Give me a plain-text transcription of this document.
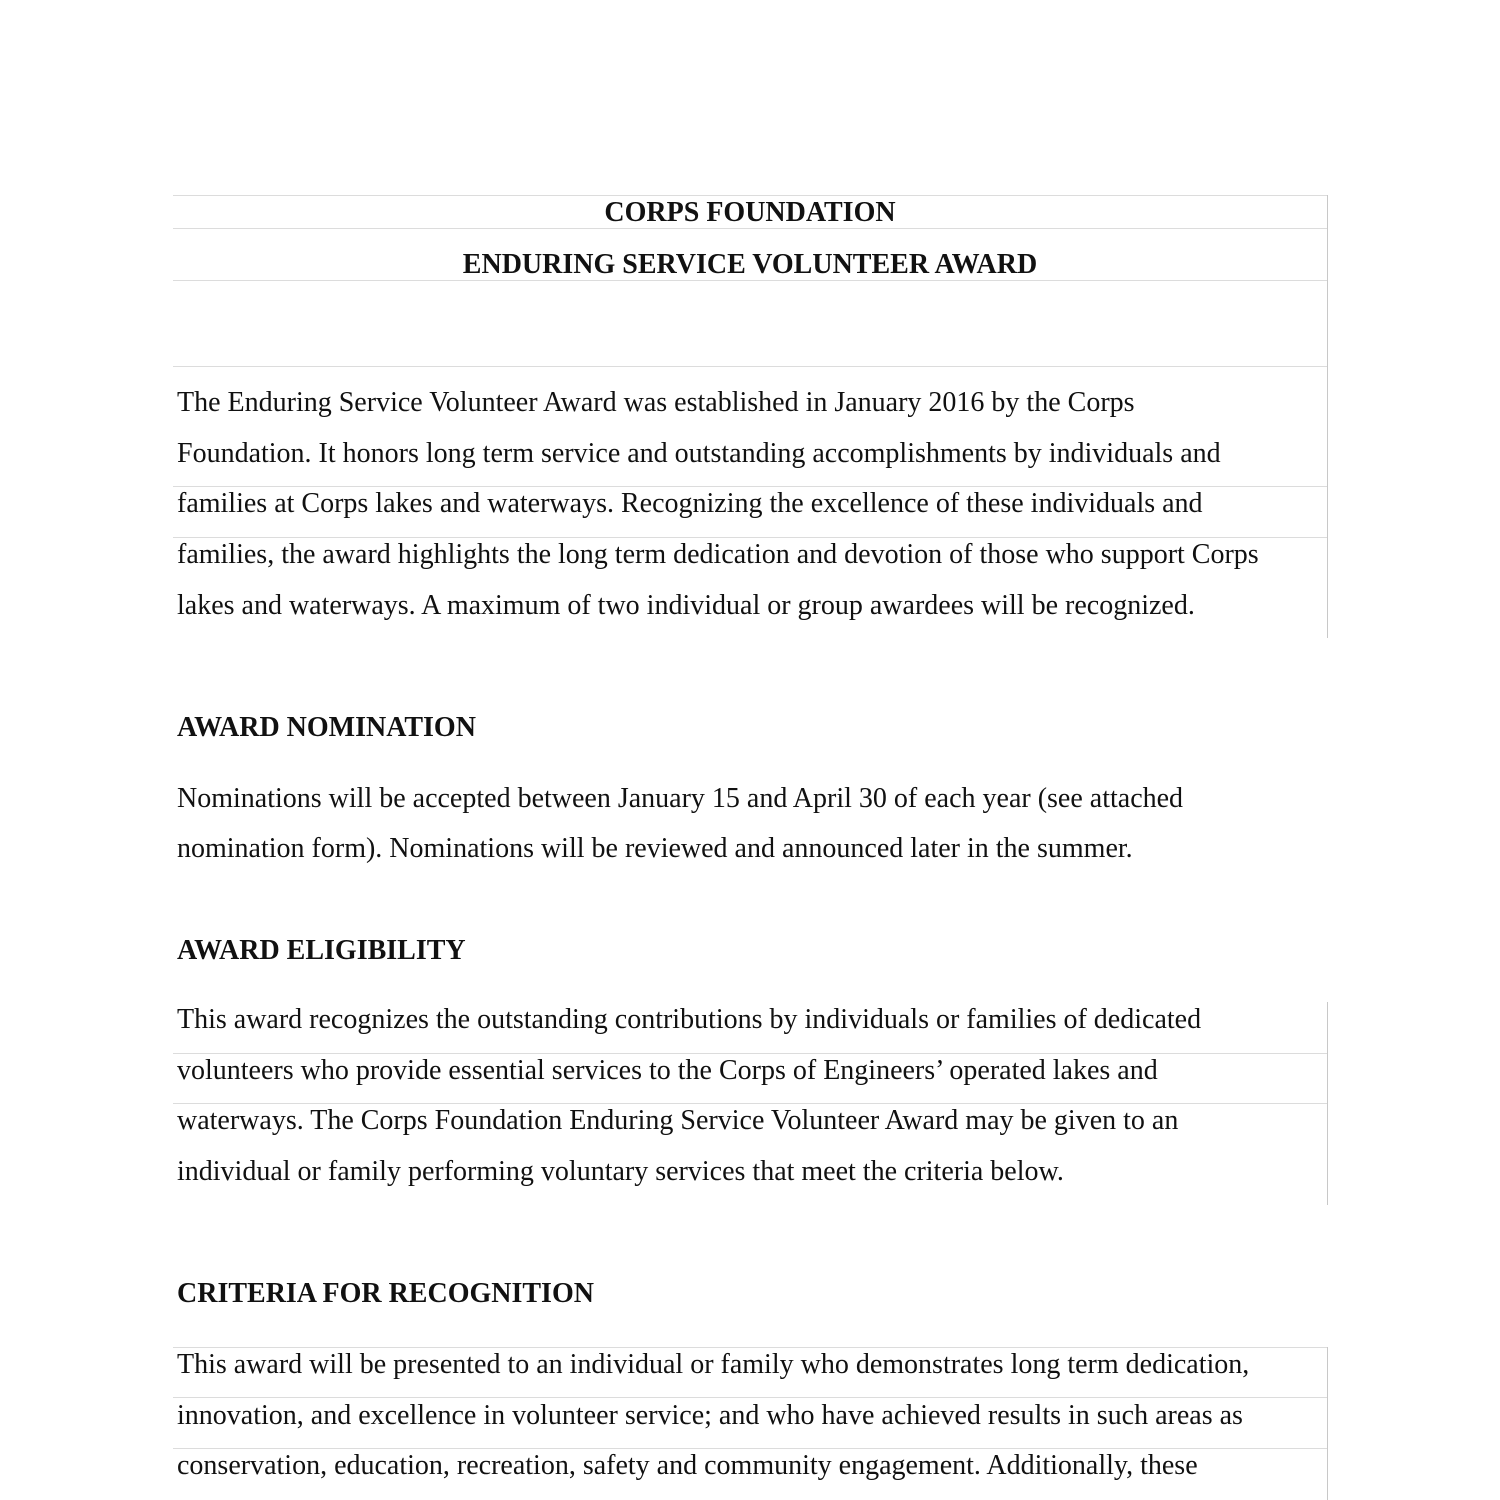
CORPS FOUNDATION
ENDURING SERVICE VOLUNTEER AWARD
The Enduring Service Volunteer Award was established in January 2016 by the Corps
Foundation. It honors long term service and outstanding accomplishments by individuals and
families at Corps lakes and waterways. Recognizing the excellence of these individuals and
families, the award highlights the long term dedication and devotion of those who support Corps
lakes and waterways. A maximum of two individual or group awardees will be recognized.
AWARD NOMINATION
Nominations will be accepted between January 15 and April 30 of each year (see attached
nomination form). Nominations will be reviewed and announced later in the summer.
AWARD ELIGIBILITY
This award recognizes the outstanding contributions by individuals or families of dedicated
volunteers who provide essential services to the Corps of Engineers’ operated lakes and
waterways. The Corps Foundation Enduring Service Volunteer Award may be given to an
individual or family performing voluntary services that meet the criteria below.
CRITERIA FOR RECOGNITION
This award will be presented to an individual or family who demonstrates long term dedication,
innovation, and excellence in volunteer service; and who have achieved results in such areas as
conservation, education, recreation, safety and community engagement. Additionally, these
